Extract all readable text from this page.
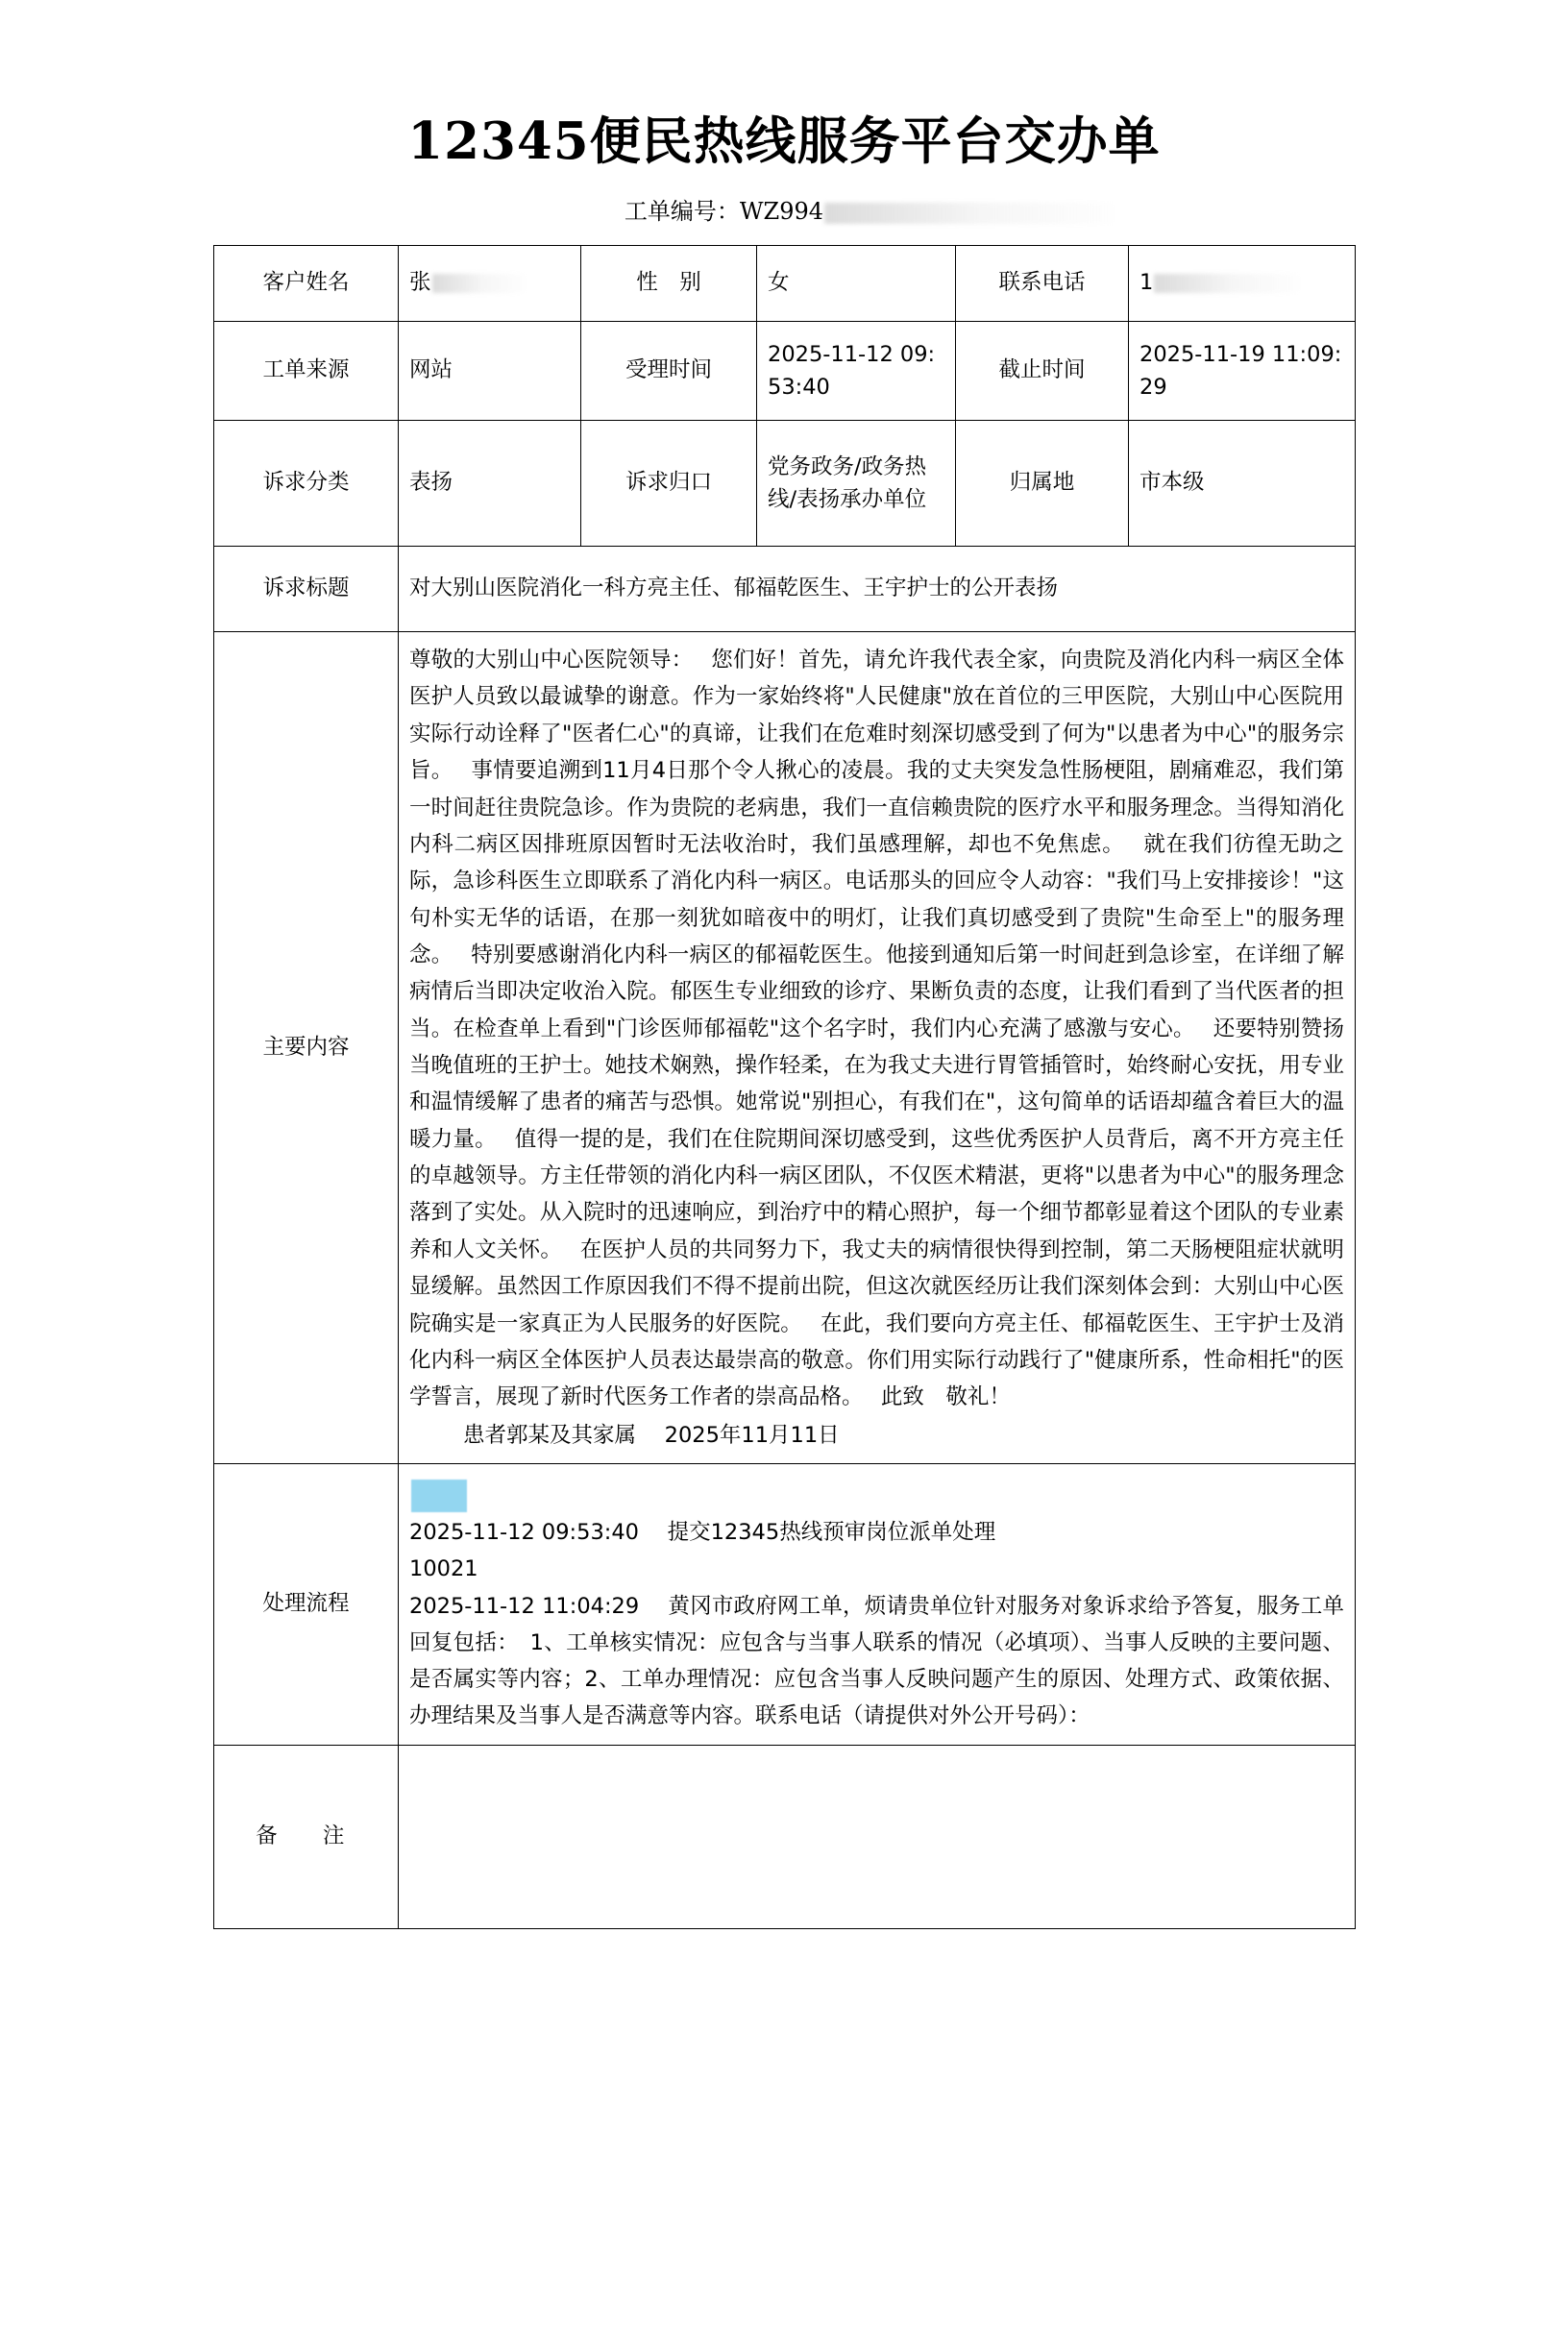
12345便民热线服务平台交办单
工单编号：WZ994
客户姓名	张	性　别	女	联系电话	1
工单来源	网站	受理时间	2025-11-12 09:53:40	截止时间	2025-11-19 11:09:29
诉求分类	表扬	诉求归口	党务政务/政务热线/表扬承办单位	归属地	市本级
诉求标题	对大别山医院消化一科方亮主任、郁福乾医生、王宇护士的公开表扬				
主要内容	尊敬的大别山中心医院领导：　 您们好！首先，请允许我代表全家，向贵院及消化内科一病区全体医护人员致以最诚挚的谢意。作为一家始终将"人民健康"放在首位的三甲医院，大别山中心医院用实际行动诠释了"医者仁心"的真谛，让我们在危难时刻深切感受到了何为"以患者为中心"的服务宗旨。　 事情要追溯到11月4日那个令人揪心的凌晨。我的丈夫突发急性肠梗阻，剧痛难忍，我们第一时间赶往贵院急诊。作为贵院的老病患，我们一直信赖贵院的医疗水平和服务理念。当得知消化内科二病区因排班原因暂时无法收治时，我们虽感理解，却也不免焦虑。　 就在我们彷徨无助之际，急诊科医生立即联系了消化内科一病区。电话那头的回应令人动容："我们马上安排接诊！"这句朴实无华的话语，在那一刻犹如暗夜中的明灯，让我们真切感受到了贵院"生命至上"的服务理念。　 特别要感谢消化内科一病区的郁福乾医生。他接到通知后第一时间赶到急诊室，在详细了解病情后当即决定收治入院。郁医生专业细致的诊疗、果断负责的态度，让我们看到了当代医者的担当。在检查单上看到"门诊医师郁福乾"这个名字时，我们内心充满了感激与安心。　 还要特别赞扬当晚值班的王护士。她技术娴熟，操作轻柔，在为我丈夫进行胃管插管时，始终耐心安抚，用专业和温情缓解了患者的痛苦与恐惧。她常说"别担心，有我们在"，这句简单的话语却蕴含着巨大的温暖力量。　 值得一提的是，我们在住院期间深切感受到，这些优秀医护人员背后，离不开方亮主任的卓越领导。方主任带领的消化内科一病区团队，不仅医术精湛，更将"以患者为中心"的服务理念落到了实处。从入院时的迅速响应，到治疗中的精心照护，每一个细节都彰显着这个团队的专业素养和人文关怀。　 在医护人员的共同努力下，我丈夫的病情很快得到控制，第二天肠梗阻症状就明显缓解。虽然因工作原因我们不得不提前出院，但这次就医经历让我们深刻体会到：大别山中心医院确实是一家真正为人民服务的好医院。　 在此，我们要向方亮主任、郁福乾医生、王宇护士及消化内科一病区全体医护人员表达最崇高的敬意。你们用实际行动践行了"健康所系，性命相托"的医学誓言，展现了新时代医务工作者的崇高品格。　 此致　敬礼！
患者郭某及其家属　 2025年11月11日				

处理流程	2025-11-12 09:53:40　 提交12345热线预审岗位派单处理
10021
2025-11-12 11:04:29　 黄冈市政府网工单，烦请贵单位针对服务对象诉求给予答复，服务工单回复包括：　1、工单核实情况：应包含与当事人联系的情况（必填项）、当事人反映的主要问题、是否属实等内容；2、工单办理情况：应包含当事人反映问题产生的原因、处理方式、政策依据、办理结果及当事人是否满意等内容。联系电话（请提供对外公开号码）：				

备　注					
